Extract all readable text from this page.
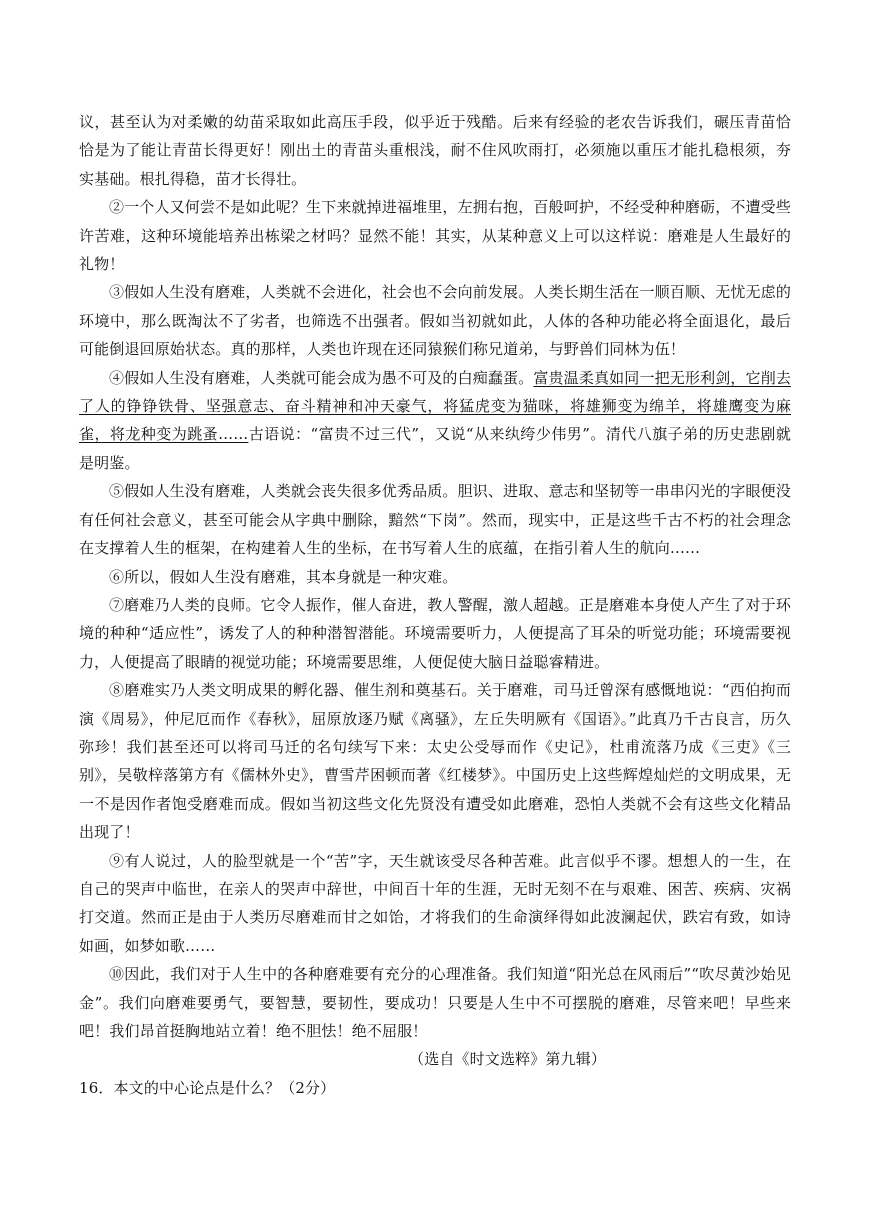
议，甚至认为对柔嫩的幼苗采取如此高压手段，似乎近于残酷。后来有经验的老农告诉我们，碾压青苗恰恰是为了能让青苗长得更好！刚出土的青苗头重根浅，耐不住风吹雨打，必须施以重压才能扎稳根须，夯实基础。根扎得稳，苗才长得壮。

②一个人又何尝不是如此呢？生下来就掉进福堆里，左拥右抱，百般呵护，不经受种种磨砺，不遭受些许苦难，这种环境能培养出栋梁之材吗？显然不能！其实，从某种意义上可以这样说：磨难是人生最好的礼物！

③假如人生没有磨难，人类就不会进化，社会也不会向前发展。人类长期生活在一顺百顺、无忧无虑的环境中，那么既淘汰不了劣者，也筛选不出强者。假如当初就如此，人体的各种功能必将全面退化，最后可能倒退回原始状态。真的那样，人类也许现在还同猿猴们称兄道弟，与野兽们同林为伍！

④假如人生没有磨难，人类就可能会成为愚不可及的白痴蠢蛋。富贵温柔真如同一把无形利剑，它削去了人的铮铮铁骨、坚强意志、奋斗精神和冲天豪气，将猛虎变为猫咪，将雄狮变为绵羊，将雄鹰变为麻雀，将龙种变为跳蚤……古语说：“富贵不过三代”，又说“从来纨绔少伟男”。清代八旗子弟的历史悲剧就是明鉴。

⑤假如人生没有磨难，人类就会丧失很多优秀品质。胆识、进取、意志和坚韧等一串串闪光的字眼便没有任何社会意义，甚至可能会从字典中删除，黯然“下岗”。然而，现实中，正是这些千古不朽的社会理念在支撑着人生的框架，在构建着人生的坐标，在书写着人生的底蕴，在指引着人生的航向……

⑥所以，假如人生没有磨难，其本身就是一种灾难。

⑦磨难乃人类的良师。它令人振作，催人奋进，教人警醒，激人超越。正是磨难本身使人产生了对于环境的种种“适应性”，诱发了人的种种潜智潜能。环境需要听力，人便提高了耳朵的听觉功能；环境需要视力，人便提高了眼睛的视觉功能；环境需要思维，人便促使大脑日益聪睿精进。

⑧磨难实乃人类文明成果的孵化器、催生剂和奠基石。关于磨难，司马迁曾深有感慨地说：“西伯拘而演《周易》，仲尼厄而作《春秋》，屈原放逐乃赋《离骚》，左丘失明厥有《国语》。”此真乃千古良言，历久弥珍！我们甚至还可以将司马迁的名句续写下来：太史公受辱而作《史记》，杜甫流落乃成《三吏》《三别》，吴敬梓落第方有《儒林外史》，曹雪芹困顿而著《红楼梦》。中国历史上这些辉煌灿烂的文明成果，无一不是因作者饱受磨难而成。假如当初这些文化先贤没有遭受如此磨难，恐怕人类就不会有这些文化精品出现了！

⑨有人说过，人的脸型就是一个“苦”字，天生就该受尽各种苦难。此言似乎不谬。想想人的一生，在自己的哭声中临世，在亲人的哭声中辞世，中间百十年的生涯，无时无刻不在与艰难、困苦、疾病、灾祸打交道。然而正是由于人类历尽磨难而甘之如饴，才将我们的生命演绎得如此波澜起伏，跌宕有致，如诗如画，如梦如歌……

⑩因此，我们对于人生中的各种磨难要有充分的心理准备。我们知道“阳光总在风雨后”“吹尽黄沙始见金”。我们向磨难要勇气，要智慧，要韧性，要成功！只要是人生中不可摆脱的磨难，尽管来吧！早些来吧！我们昂首挺胸地站立着！绝不胆怯！绝不屈服！

（选自《时文选粹》第九辑）

16．本文的中心论点是什么？（2分）
